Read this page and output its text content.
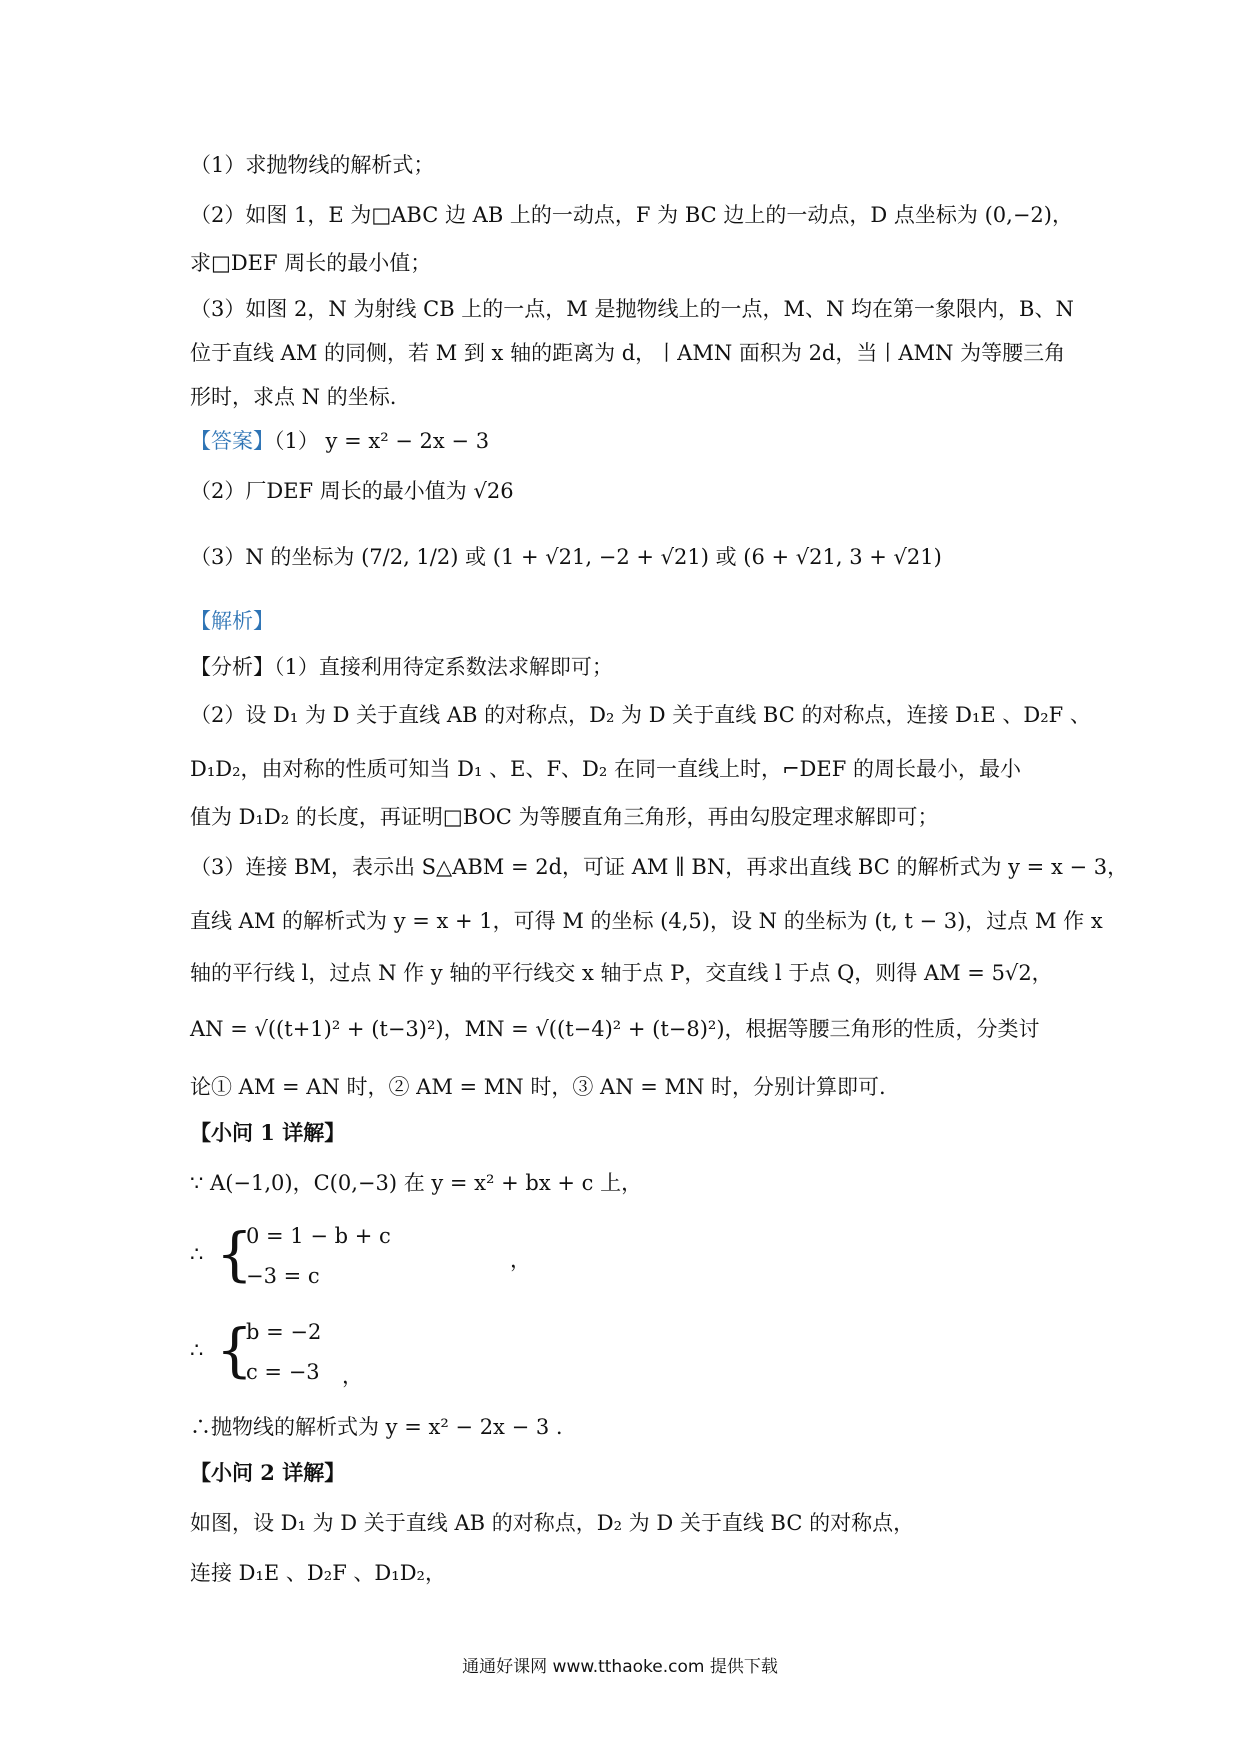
（1）求抛物线的解析式；
（2）如图 1，E 为□ABC 边 AB 上的一动点，F 为 BC 边上的一动点，D 点坐标为 (0,−2)，
求□DEF 周长的最小值；
（3）如图 2，N 为射线 CB 上的一点，M 是抛物线上的一点，M、N 均在第一象限内，B、N
位于直线 AM 的同侧，若 M 到 x 轴的距离为 d，丨AMN 面积为 2d，当丨AMN 为等腰三角
形时，求点 N 的坐标.
【答案】（1） y = x² − 2x − 3
（2）厂DEF 周长的最小值为 √26
（3）N 的坐标为 (7/2, 1/2) 或 (1 + √21, −2 + √21) 或 (6 + √21, 3 + √21)
【解析】
【分析】（1）直接利用待定系数法求解即可；
（2）设 D₁ 为 D 关于直线 AB 的对称点，D₂ 为 D 关于直线 BC 的对称点，连接 D₁E 、D₂F 、
D₁D₂，由对称的性质可知当 D₁ 、E、F、D₂ 在同一直线上时，⌐DEF 的周长最小，最小
值为 D₁D₂ 的长度，再证明□BOC 为等腰直角三角形，再由勾股定理求解即可；
（3）连接 BM，表示出 S△ABM = 2d，可证 AM ∥ BN，再求出直线 BC 的解析式为 y = x − 3，
直线 AM 的解析式为 y = x + 1，可得 M 的坐标 (4,5)，设 N 的坐标为 (t, t − 3)，过点 M 作 x
轴的平行线 l，过点 N 作 y 轴的平行线交 x 轴于点 P，交直线 l 于点 Q，则得 AM = 5√2，
AN = √((t+1)² + (t−3)²)，MN = √((t−4)² + (t−8)²)，根据等腰三角形的性质，分类讨
论① AM = AN 时，② AM = MN 时，③ AN = MN 时，分别计算即可.
【小问 1 详解】
∵ A(−1,0)，C(0,−3) 在 y = x² + bx + c 上，
∴ {
0 = 1 − b + c
−3 = c
，
∴ {
b = −2
c = −3 ，
∴抛物线的解析式为 y = x² − 2x − 3 .
【小问 2 详解】
如图，设 D₁ 为 D 关于直线 AB 的对称点，D₂ 为 D 关于直线 BC 的对称点，
连接 D₁E 、D₂F 、D₁D₂，
通通好课网 www.tthaoke.com 提供下载
